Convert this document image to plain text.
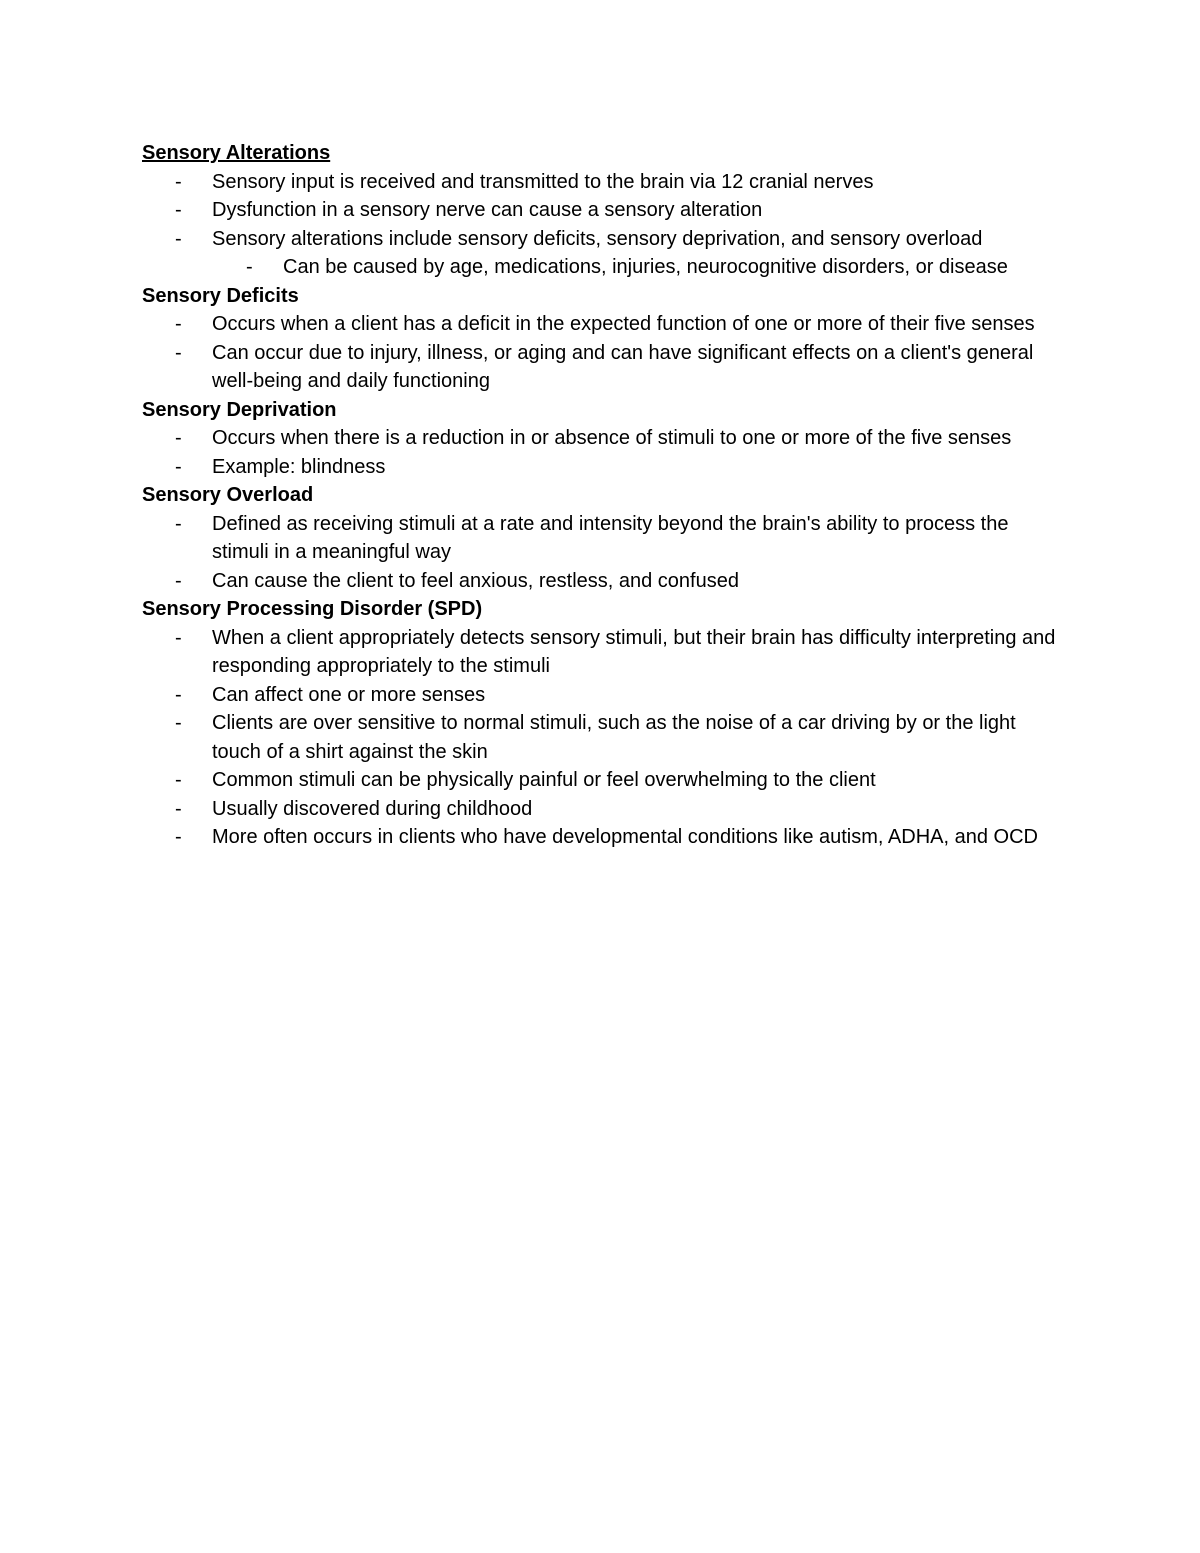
Sensory Alterations

- Sensory input is received and transmitted to the brain via 12 cranial nerves
- Dysfunction in a sensory nerve can cause a sensory alteration
- Sensory alterations include sensory deficits, sensory deprivation, and sensory overload
- Can be caused by age, medications, injuries, neurocognitive disorders, or disease

Sensory Deficits

- Occurs when a client has a deficit in the expected function of one or more of their five senses
- Can occur due to injury, illness, or aging and can have significant effects on a client's general well-being and daily functioning

Sensory Deprivation

- Occurs when there is a reduction in or absence of stimuli to one or more of the five senses
- Example: blindness

Sensory Overload

- Defined as receiving stimuli at a rate and intensity beyond the brain's ability to process the stimuli in a meaningful way
- Can cause the client to feel anxious, restless, and confused

Sensory Processing Disorder (SPD)

- When a client appropriately detects sensory stimuli, but their brain has difficulty interpreting and responding appropriately to the stimuli
- Can affect one or more senses
- Clients are over sensitive to normal stimuli, such as the noise of a car driving by or the light touch of a shirt against the skin
- Common stimuli can be physically painful or feel overwhelming to the client
- Usually discovered during childhood
- More often occurs in clients who have developmental conditions like autism, ADHA, and OCD
